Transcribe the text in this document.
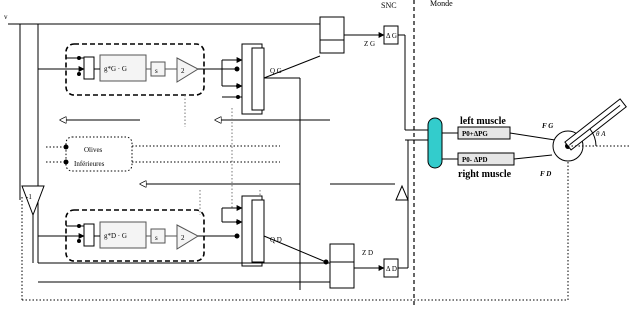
SNC	Monde
v
g*G · G	s	2	Q G
Z G
Δ G
Olives
Inférieures
-1
g*D · G	s	2	Q D
Z D
Δ D
left muscle
P0+ΔPG
P0- ΔPD
right muscle
F G
F D
θ A
